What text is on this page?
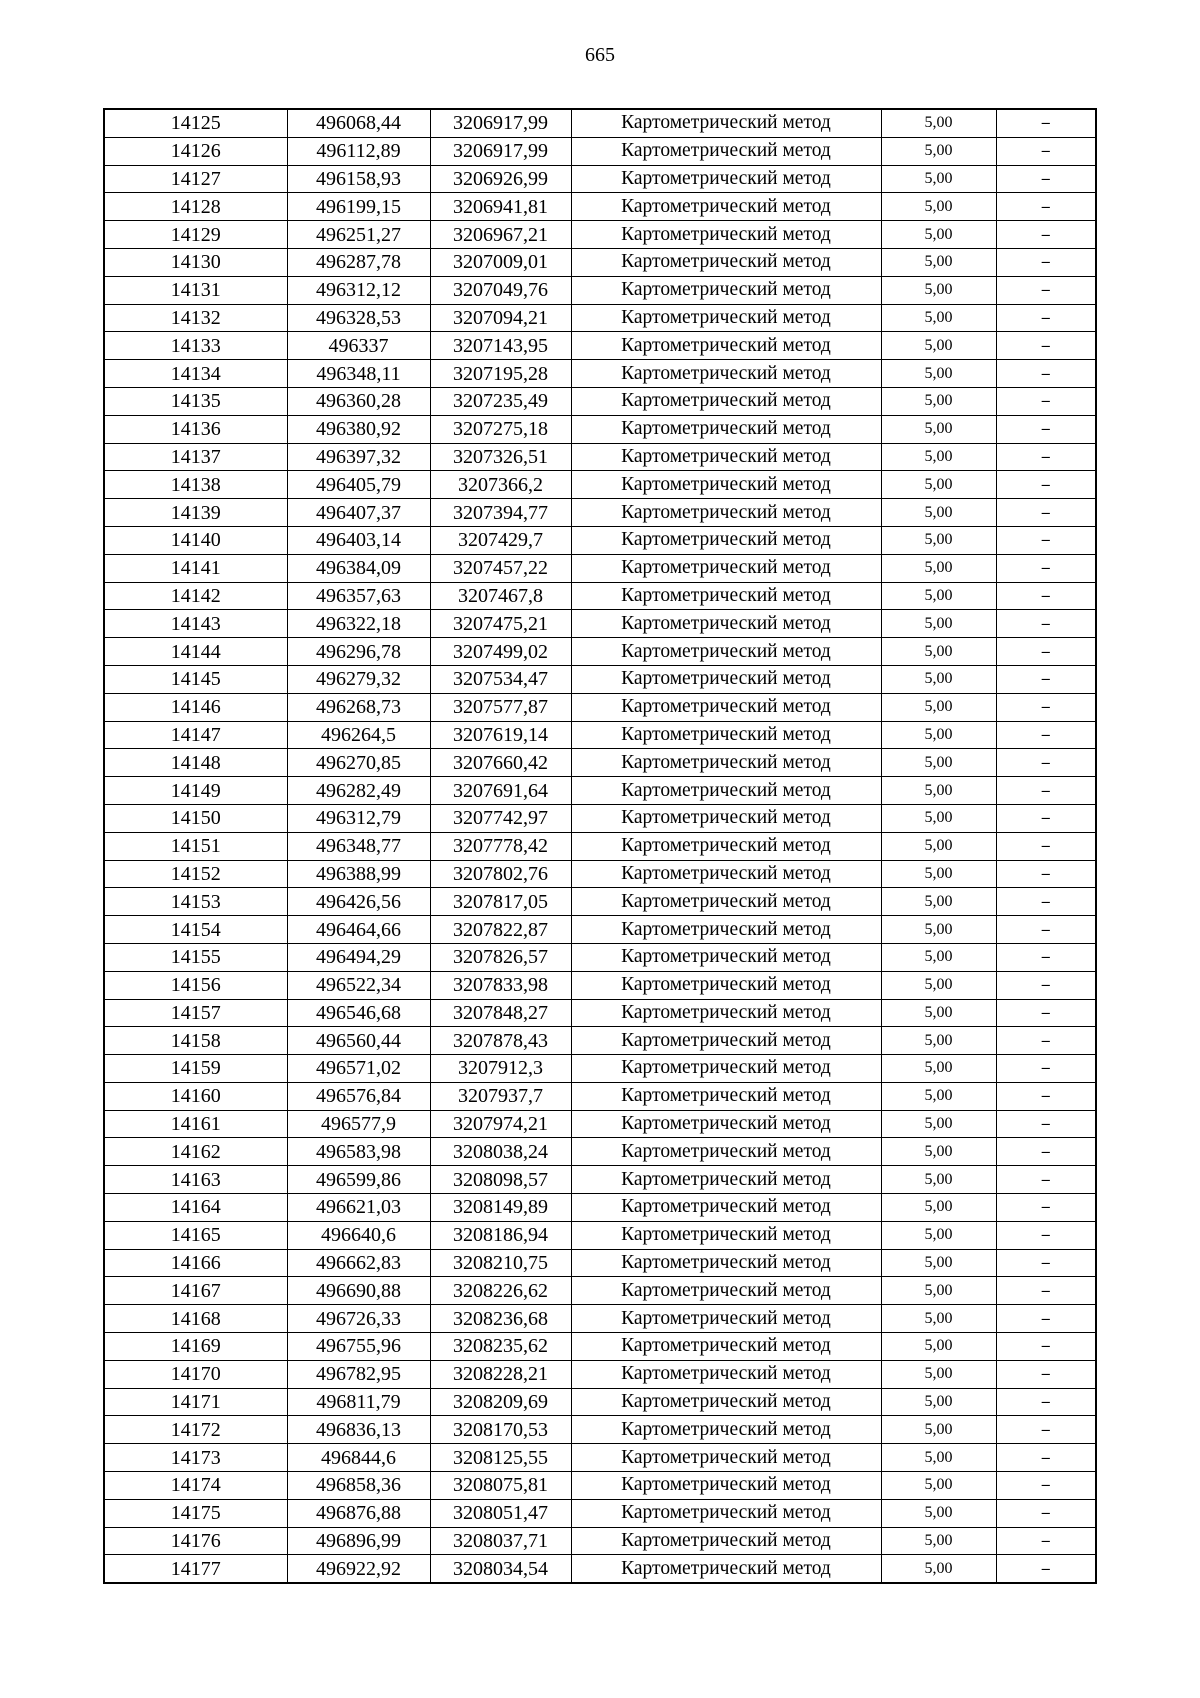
665
14125	496068,44	3206917,99	Картометрический метод	5,00	–
14126	496112,89	3206917,99	Картометрический метод	5,00	–
14127	496158,93	3206926,99	Картометрический метод	5,00	–
14128	496199,15	3206941,81	Картометрический метод	5,00	–
14129	496251,27	3206967,21	Картометрический метод	5,00	–
14130	496287,78	3207009,01	Картометрический метод	5,00	–
14131	496312,12	3207049,76	Картометрический метод	5,00	–
14132	496328,53	3207094,21	Картометрический метод	5,00	–
14133	496337	3207143,95	Картометрический метод	5,00	–
14134	496348,11	3207195,28	Картометрический метод	5,00	–
14135	496360,28	3207235,49	Картометрический метод	5,00	–
14136	496380,92	3207275,18	Картометрический метод	5,00	–
14137	496397,32	3207326,51	Картометрический метод	5,00	–
14138	496405,79	3207366,2	Картометрический метод	5,00	–
14139	496407,37	3207394,77	Картометрический метод	5,00	–
14140	496403,14	3207429,7	Картометрический метод	5,00	–
14141	496384,09	3207457,22	Картометрический метод	5,00	–
14142	496357,63	3207467,8	Картометрический метод	5,00	–
14143	496322,18	3207475,21	Картометрический метод	5,00	–
14144	496296,78	3207499,02	Картометрический метод	5,00	–
14145	496279,32	3207534,47	Картометрический метод	5,00	–
14146	496268,73	3207577,87	Картометрический метод	5,00	–
14147	496264,5	3207619,14	Картометрический метод	5,00	–
14148	496270,85	3207660,42	Картометрический метод	5,00	–
14149	496282,49	3207691,64	Картометрический метод	5,00	–
14150	496312,79	3207742,97	Картометрический метод	5,00	–
14151	496348,77	3207778,42	Картометрический метод	5,00	–
14152	496388,99	3207802,76	Картометрический метод	5,00	–
14153	496426,56	3207817,05	Картометрический метод	5,00	–
14154	496464,66	3207822,87	Картометрический метод	5,00	–
14155	496494,29	3207826,57	Картометрический метод	5,00	–
14156	496522,34	3207833,98	Картометрический метод	5,00	–
14157	496546,68	3207848,27	Картометрический метод	5,00	–
14158	496560,44	3207878,43	Картометрический метод	5,00	–
14159	496571,02	3207912,3	Картометрический метод	5,00	–
14160	496576,84	3207937,7	Картометрический метод	5,00	–
14161	496577,9	3207974,21	Картометрический метод	5,00	–
14162	496583,98	3208038,24	Картометрический метод	5,00	–
14163	496599,86	3208098,57	Картометрический метод	5,00	–
14164	496621,03	3208149,89	Картометрический метод	5,00	–
14165	496640,6	3208186,94	Картометрический метод	5,00	–
14166	496662,83	3208210,75	Картометрический метод	5,00	–
14167	496690,88	3208226,62	Картометрический метод	5,00	–
14168	496726,33	3208236,68	Картометрический метод	5,00	–
14169	496755,96	3208235,62	Картометрический метод	5,00	–
14170	496782,95	3208228,21	Картометрический метод	5,00	–
14171	496811,79	3208209,69	Картометрический метод	5,00	–
14172	496836,13	3208170,53	Картометрический метод	5,00	–
14173	496844,6	3208125,55	Картометрический метод	5,00	–
14174	496858,36	3208075,81	Картометрический метод	5,00	–
14175	496876,88	3208051,47	Картометрический метод	5,00	–
14176	496896,99	3208037,71	Картометрический метод	5,00	–
14177	496922,92	3208034,54	Картометрический метод	5,00	–
